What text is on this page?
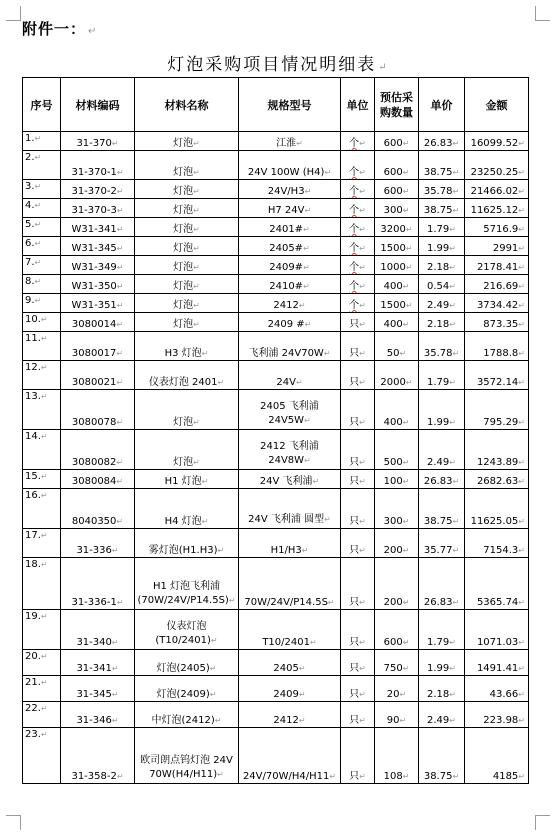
附件一： ↵
灯泡采购项目情况明细表 ↵
序号	材料编码	材料名称	规格型号	单位	预估采购数量	单价	金额
1.↵	31-370↵	灯泡↵	江淮↵	个↵	600↵	26.83↵	16099.52↵
2.↵	31-370-1↵	灯泡↵	24V 100W (H4)↵	个↵	600↵	38.75↵	23250.25↵
3.↵	31-370-2↵	灯泡↵	24V/H3↵	个↵	600↵	35.78↵	21466.02↵
4.↵	31-370-3↵	灯泡↵	H7 24V↵	个↵	300↵	38.75↵	11625.12↵
5.↵	W31-341↵	灯泡↵	2401#↵	个↵	3200↵	1.79↵	5716.9↵
6.↵	W31-345↵	灯泡↵	2405#↵	个↵	1500↵	1.99↵	2991↵
7.↵	W31-349↵	灯泡↵	2409#↵	个↵	1000↵	2.18↵	2178.41↵
8.↵	W31-350↵	灯泡↵	2410#↵	个↵	400↵	0.54↵	216.69↵
9.↵	W31-351↵	灯泡↵	2412↵	个↵	1500↵	2.49↵	3734.42↵
10.↵	3080014↵	灯泡↵	2409 #↵	只↵	400↵	2.18↵	873.35↵
11.↵	3080017↵	H3 灯泡↵	飞利浦 24V70W↵	只↵	50↵	35.78↵	1788.8↵
12.↵	3080021↵	仪表灯泡 2401↵	24V↵	只↵	2000↵	1.79↵	3572.14↵
13.↵	3080078↵	灯泡↵	2405 飞利浦 24V5W↵	只↵	400↵	1.99↵	795.29↵
14.↵	3080082↵	灯泡↵	2412 飞利浦 24V8W↵	只↵	500↵	2.49↵	1243.89↵
15.↵	3080084↵	H1 灯泡↵	24V 飞利浦↵	只↵	100↵	26.83↵	2682.63↵
16.↵	8040350↵	H4 灯泡↵	24V 飞利浦 圆型↵	只↵	300↵	38.75↵	11625.05↵
17.↵	31-336↵	雾灯泡(H1.H3)↵	H1/H3↵	只↵	200↵	35.77↵	7154.3↵
18.↵	31-336-1↵	H1 灯泡飞利浦 (70W/24V/P14.5S)↵	70W/24V/P14.5S↵	只↵	200↵	26.83↵	5365.74↵
19.↵	31-340↵	仪表灯泡 (T10/2401)↵	T10/2401↵	只↵	600↵	1.79↵	1071.03↵
20.↵	31-341↵	灯泡(2405)↵	2405↵	只↵	750↵	1.99↵	1491.41↵
21.↵	31-345↵	灯泡(2409)↵	2409↵	只↵	20↵	2.18↵	43.66↵
22.↵	31-346↵	中灯泡(2412)↵	2412↵	只↵	90↵	2.49↵	223.98↵
23.↵	31-358-2↵	欧司朗点钨灯泡 24V 70W(H4/H11)↵	24V/70W/H4/H11↵	只↵	108↵	38.75↵	4185↵
